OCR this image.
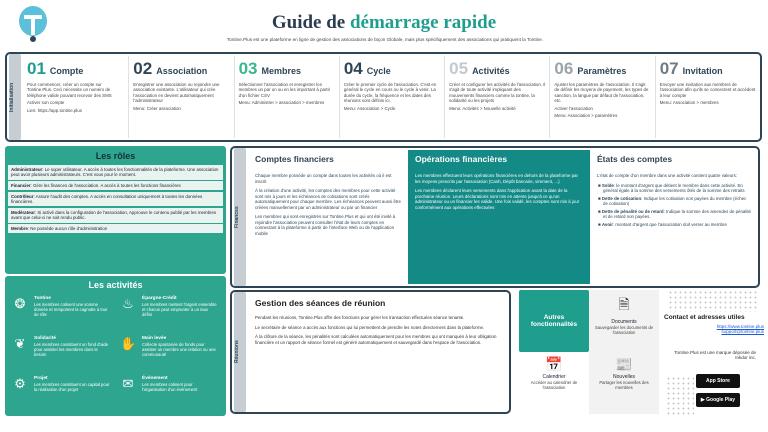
Guide de démarrage rapide
Tontine.Plus est une plateforme en ligne de gestion des associations de façon Globale, mais plus spécifiquement des associations qui pratiquent la Tontine.
Initialisation
01 Compte

Pour commencer, créer un compte sur Tontine.Plus. Ceci nécessite un numéro de téléphone valide pouvant recevoir des SMS

Activer son compte

Lien: https://app.tontine.plus

02 Association

Enregistrer une association ou rejoindre une association existante. L'utilisateur qui crée l'association en devient automatiquement l'administrateur

Menu: Créer association

03 Membres

Sélectionner l'association et enregistrer les membres un par un ou en les important à partir d'un fichier CSV

Menu: Administrer > association > membres

04 Cycle

Créer le premier cycle de l'association. C'est en général le cycle en cours ou le cycle à venir. La durée du cycle, la fréquence et les dates des réunions sont définis ici.

Menu: Association > Cycle

05 Activités

Créer et configurer les activités de l'association. Il s'agit de toute activité impliquant des mouvements financiers comme la tontine, la solidarité ou les projets

Menu: Activités > Nouvelle activité

06 Paramètres

Ajuster les paramètres de l'association. Il s'agit de définir les moyens de payement, les types de sanction, la langue par défaut de l'association, etc.

Activer l'association

Menu: Association > paramètres

07 Invitation

Envoyer une invitation aux membres de l'association afin qu'ils se connectent et accèdent à leur compte

Menu: Association > membres

Les rôles
Administrateur: Le super utilisateur. A accès à toutes les fonctionnalités de la plateforme. Une association peut avoir plusieurs administrateurs. C'est vous pour le moment.
Financier: Gère les finances de l'association. A accès à toutes les fonctions financières
Contrôleur: Assure l'audit des comptes. A accès en consultation uniquement à toutes les données financières.
Modérateur: Si activé dans la configuration de l'association, Approuve le contenu publié par les membres avant que celui-ci ne soit rendu public.
Membre: Ne possède aucun rôle d'administration
Les activités
❂	Tontine
Les membres cotisent une somme donnée et remportent la cagnotte à tour de rôle
♨	Épargne-Crédit
Les membres mettent l'argent ensemble et chacun peut emprunter à un taux défini
❦	Solidarité
Les membres constituent un fond d'aide pour assister les membres dans le besoin
✋ Main levée
Collecte spontanée de fonds pour assister un membre une relation ou une communauté
⚙	Projet
Les membres constituent un capital pour la réalisation d'un projet	✉	Événement
Les membres cotisent pour l'organisation d'un événement
Finances
Comptes financiers

Chaque membre possède un compte dans toutes les activités où il est inscrit

À la création d'une activité, les comptes des membres pour cette activité sont mis à jours et les échéances de cotisations sont créés automatiquement pour chaque membre. Les échéances peuvent aussi être créées manuellement par un administrateur ou par un financier

Les membres qui sont enregistrés sur Tontine.Plus et qui ont été invité à rejoindre l'association peuvent consulter l'état de leurs comptes en connectant à la plateforme à partir de l'interface Web ou de l'application mobile

Opérations financières

Les membres effectuent leurs opérations financières en dehors de la plateforme par les moyens prescrits par l'association (Cash, Dépôt bancaire, virement, ...)

Les membres déclarent leurs versements dans l'application avant la date de la prochaine réunion. Leurs déclarations sont mis en attente jusqu'à ce qu'un administrateur ou un financier les valide. Une fois validé, les comptes sont mis à jour conformément aux opérations effectuées

États des comptes

L'état de compte d'un membre dans une activité contient quatre valeurs:

■ Solde: le montant d'argent que détient le membre dans cette activité. En général égale à la somme des versements ôtés de la somme des retraits

■ Dette de cotisation: Indique les cotisation non payées du membre (échec de cotisation)

■ Dette de pénalité ou de retard: Indique la somme des amendes de pénalité et de retard non payées.

■ Avoir: montant d'argent que l'association doit verser au membre

Réunions
Gestion des séances de réunion

Pendant les réunions, Tontine.Plus offre des fonctions pour gérer les transaction effectuées séance tenante.

Le secrétaire de séance a accès aux fonctions qui lui permettent de prendre les notes directement dans la plateforme.

À la clôture de la séance, les pénalités sont calculées automatiquement pour les membres qui ont manqués à leur obligation financière et un rapport de séance formel est généré automatiquement et sauvegardé dans l'espace de l'association.

Autres fonctionnalités
🗎
Documents
Sauvegarder les documents de l'association
📅
Calendrier
Accéder au calendrier de l'association
📰
Nouvelles
Partager les nouvelles des membres
Contact et adresses utiles
https://www.tontine.plus
support@tontine.plus
Tontine.Plus est une marque déposée de Inkdor inc.
App Store
▶ Google Play
